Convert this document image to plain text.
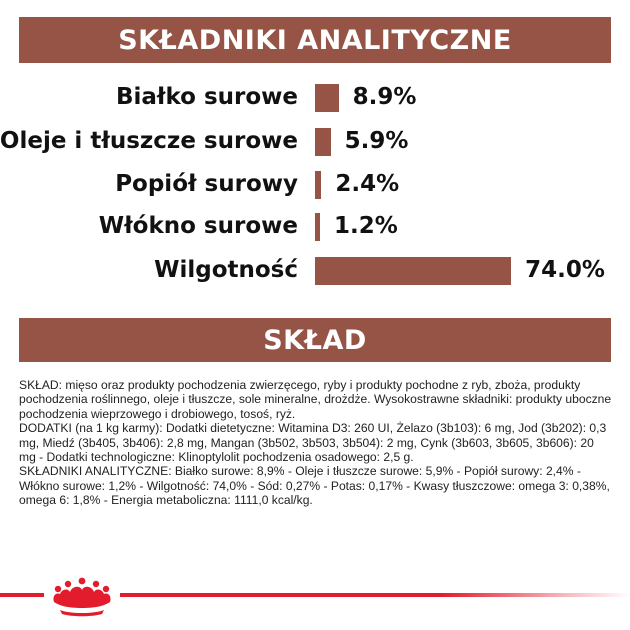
SKŁADNIKI ANALITYCZNE
Białko surowe 8.9%
Oleje i tłuszcze surowe 5.9%
Popiół surowy 2.4%
Włókno surowe 1.2%
Wilgotność	74.0%
SKŁAD

SKŁAD: mięso oraz produkty pochodzenia zwierzęcego, ryby i produkty pochodne z ryb, zboża, produkty pochodzenia roślinnego, oleje i tłuszcze, sole mineralne, drożdże. Wysokostrawne składniki: produkty uboczne pochodzenia wieprzowego i drobiowego, tosoś, ryż.

DODATKI (na 1 kg karmy): Dodatki dietetyczne: Witamina D3: 260 UI, Żelazo (3b103): 6 mg, Jod (3b202): 0,3 mg, Miedź (3b405, 3b406): 2,8 mg, Mangan (3b502, 3b503, 3b504): 2 mg, Cynk (3b603, 3b605, 3b606): 20 mg - Dodatki technologiczne: Klinoptylolit pochodzenia osadowego: 2,5 g.

SKŁADNIKI ANALITYCZNE: Białko surowe: 8,9% - Oleje i tłuszcze surowe: 5,9% - Popiół surowy: 2,4% - Włókno surowe: 1,2% - Wilgotność: 74,0% - Sód: 0,27% - Potas: 0,17% - Kwasy tłuszczowe: omega 3: 0,38%, omega 6: 1,8% - Energia metaboliczna: 1111,0 kcal/kg.
